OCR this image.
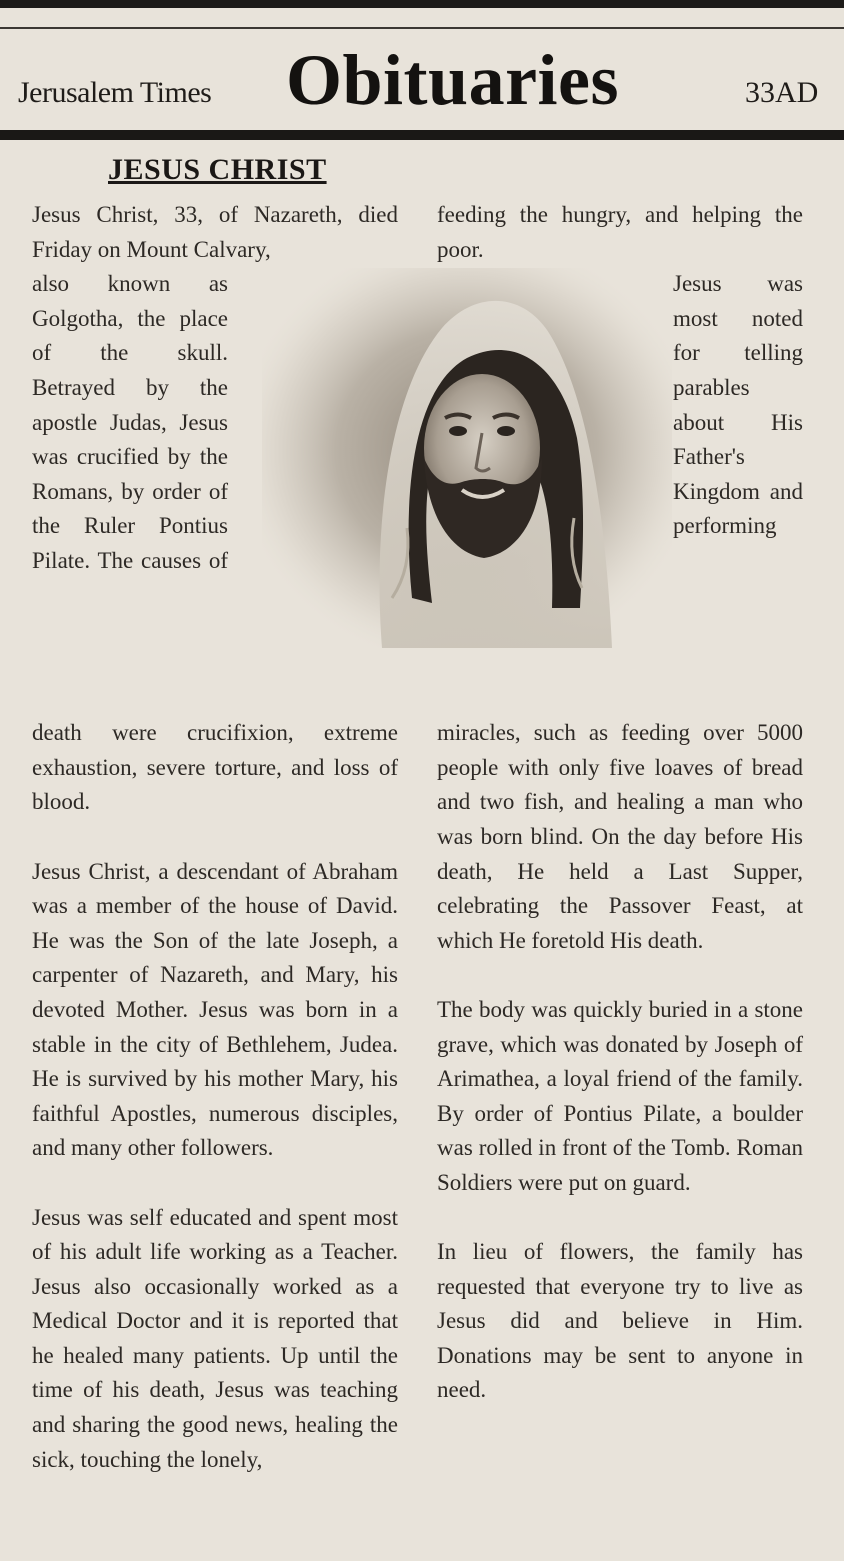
Jerusalem Times Obituaries	33AD
JESUS CHRIST

Jesus Christ, 33, of Nazareth, died Friday on Mount Calvary,

also known as Golgotha, the place of the skull. Betrayed by the apostle Judas, Jesus was crucified by the Romans, by order of the Ruler Pontius Pilate. The causes of

death were crucifixion, extreme exhaustion, severe torture, and loss of blood.

Jesus Christ, a descendant of Abraham was a member of the house of David. He was the Son of the late Joseph, a carpenter of Nazareth, and Mary, his devoted Mother. Jesus was born in a stable in the city of Bethlehem, Judea. He is survived by his mother Mary, his faithful Apostles, numerous disciples, and many other followers.

Jesus was self educated and spent most of his adult life working as a Teacher. Jesus also occasionally worked as a Medical Doctor and it is reported that he healed many patients. Up until the time of his death, Jesus was teaching and sharing the good news, healing the sick, touching the lonely,

feeding the hungry, and helping the poor.

Jesus was most noted for telling parables about His Father's Kingdom and performing

miracles, such as feeding over 5000 people with only five loaves of bread and two fish, and healing a man who was born blind. On the day before His death, He held a Last Supper, celebrating the Passover Feast, at which He foretold His death.

The body was quickly buried in a stone grave, which was donated by Joseph of Arimathea, a loyal friend of the family. By order of Pontius Pilate, a boulder was rolled in front of the Tomb. Roman Soldiers were put on guard.

In lieu of flowers, the family has requested that everyone try to live as Jesus did and believe in Him. Donations may be sent to anyone in need.
